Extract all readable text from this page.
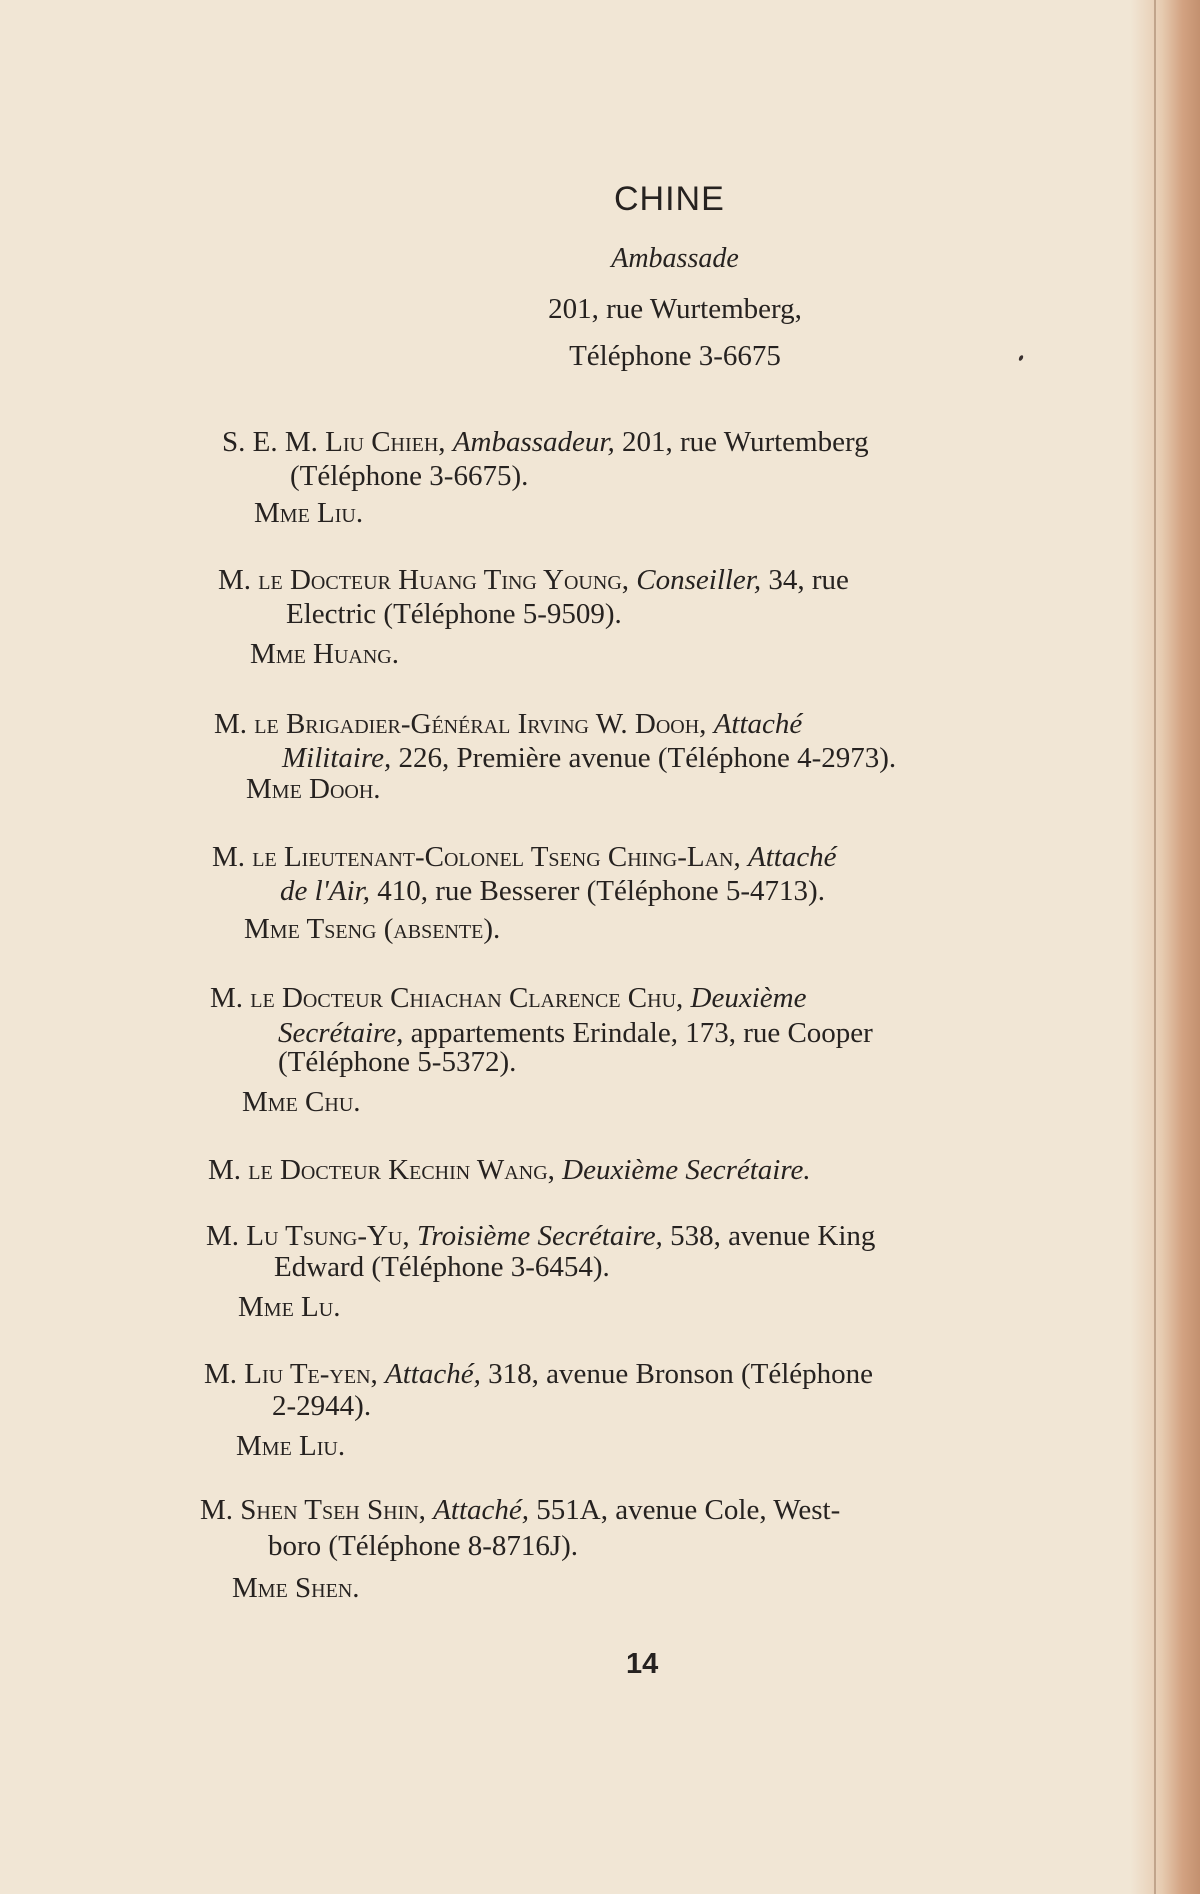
CHINE
Ambassade
201, rue Wurtemberg,
Téléphone 3-6675
S. E. M. Liu Chieh, Ambassadeur, 201, rue Wurtemberg
(Téléphone 3-6675).
Mme Liu.
M. le Docteur Huang Ting Young, Conseiller, 34, rue
Electric (Téléphone 5-9509).
Mme Huang.
M. le Brigadier-Général Irving W. Dooh, Attaché
Militaire, 226, Première avenue (Téléphone 4-2973).
Mme Dooh.
M. le Lieutenant-Colonel Tseng Ching-Lan, Attaché
de l'Air, 410, rue Besserer (Téléphone 5-4713).
Mme Tseng (absente).
M. le Docteur Chiachan Clarence Chu, Deuxième
Secrétaire, appartements Erindale, 173, rue Cooper
(Téléphone 5-5372).
Mme Chu.
M. le Docteur Kechin Wang, Deuxième Secrétaire.
M. Lu Tsung-Yu, Troisième Secrétaire, 538, avenue King
Edward (Téléphone 3-6454).
Mme Lu.
M. Liu Te-yen, Attaché, 318, avenue Bronson (Téléphone
2-2944).
Mme Liu.
M. Shen Tseh Shin, Attaché, 551A, avenue Cole, West-
boro (Téléphone 8-8716J).
Mme Shen.
14
